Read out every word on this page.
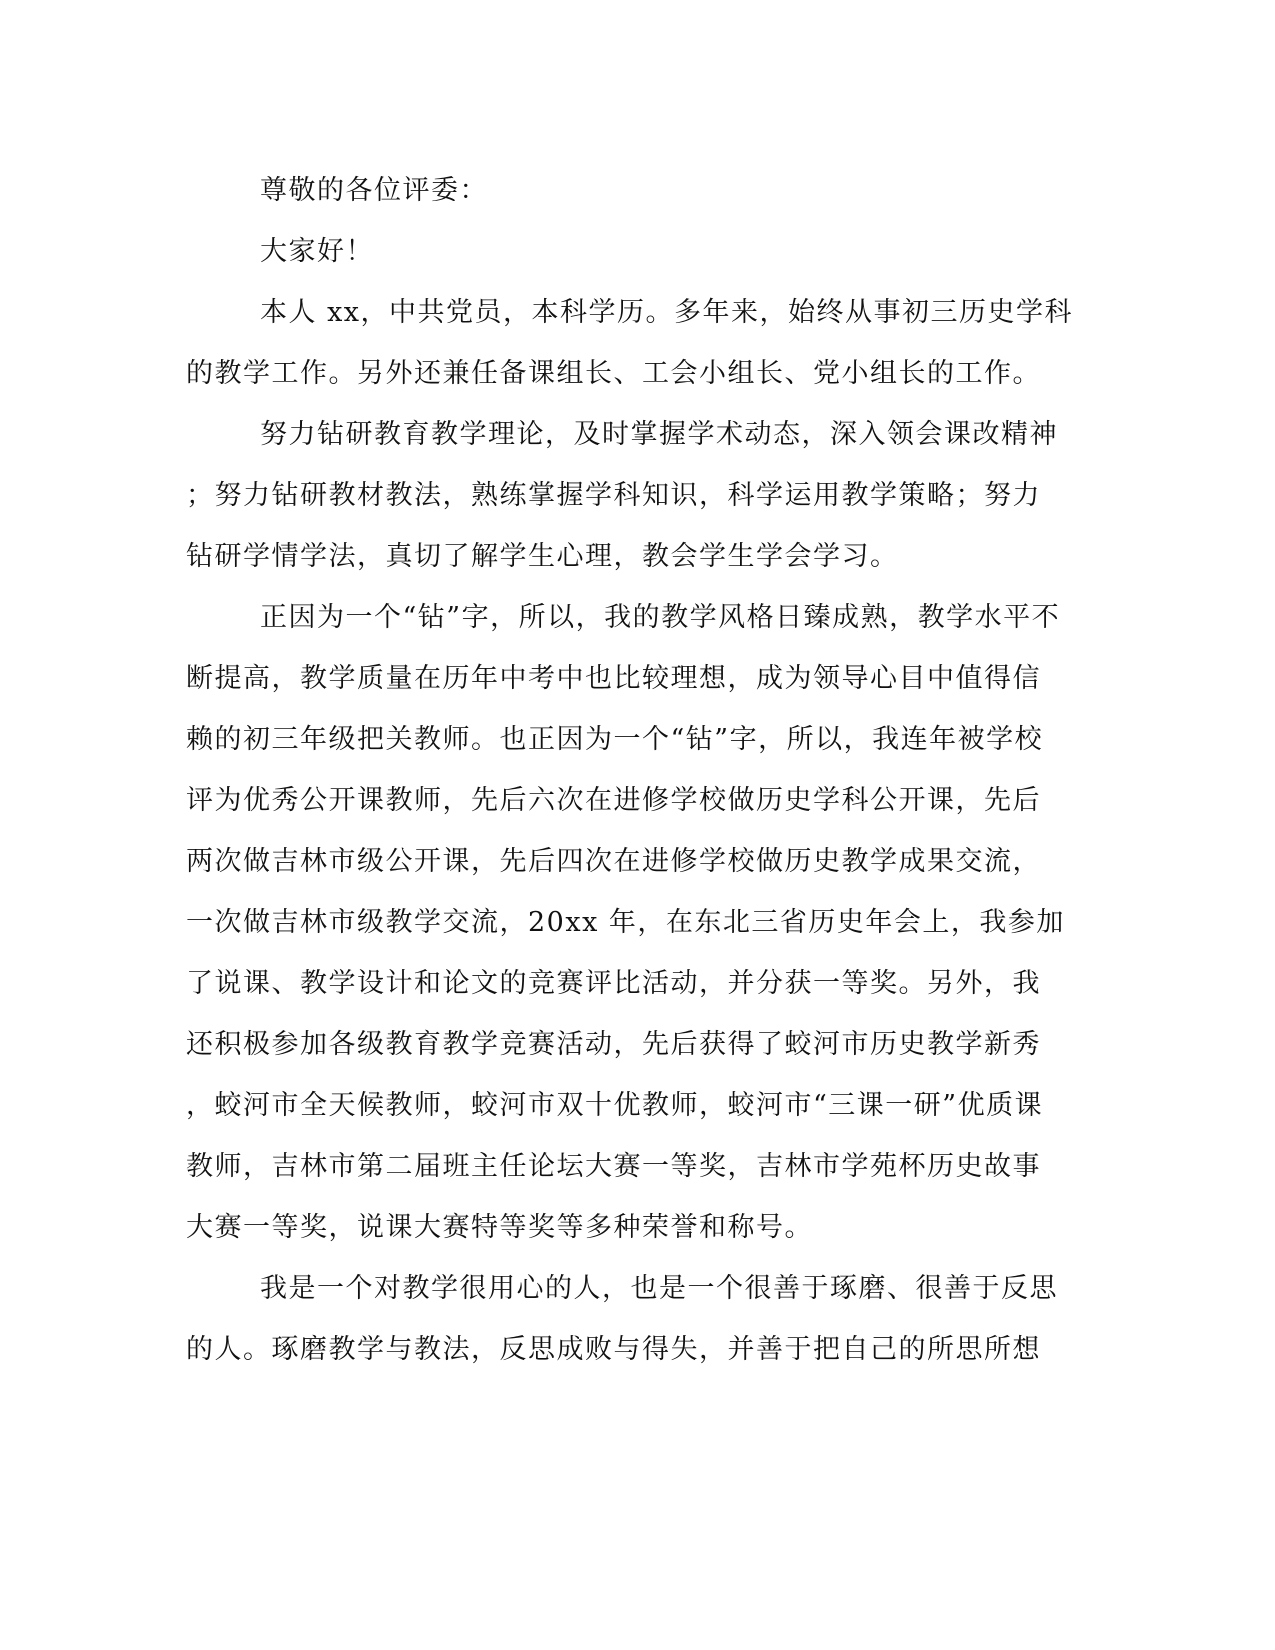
尊敬的各位评委：
大家好！
本人 xx，中共党员，本科学历。多年来，始终从事初三历史学科
的教学工作。另外还兼任备课组长、工会小组长、党小组长的工作。
努力钻研教育教学理论，及时掌握学术动态，深入领会课改精神
；努力钻研教材教法，熟练掌握学科知识，科学运用教学策略；努力
钻研学情学法，真切了解学生心理，教会学生学会学习。
正因为一个“钻”字，所以，我的教学风格日臻成熟，教学水平不
断提高，教学质量在历年中考中也比较理想，成为领导心目中值得信
赖的初三年级把关教师。也正因为一个“钻”字，所以，我连年被学校
评为优秀公开课教师，先后六次在进修学校做历史学科公开课，先后
两次做吉林市级公开课，先后四次在进修学校做历史教学成果交流，
一次做吉林市级教学交流，20xx 年，在东北三省历史年会上，我参加
了说课、教学设计和论文的竞赛评比活动，并分获一等奖。另外，我
还积极参加各级教育教学竞赛活动，先后获得了蛟河市历史教学新秀
，蛟河市全天候教师，蛟河市双十优教师，蛟河市“三课一研”优质课
教师，吉林市第二届班主任论坛大赛一等奖，吉林市学苑杯历史故事
大赛一等奖，说课大赛特等奖等多种荣誉和称号。
我是一个对教学很用心的人，也是一个很善于琢磨、很善于反思
的人。琢磨教学与教法，反思成败与得失，并善于把自己的所思所想
